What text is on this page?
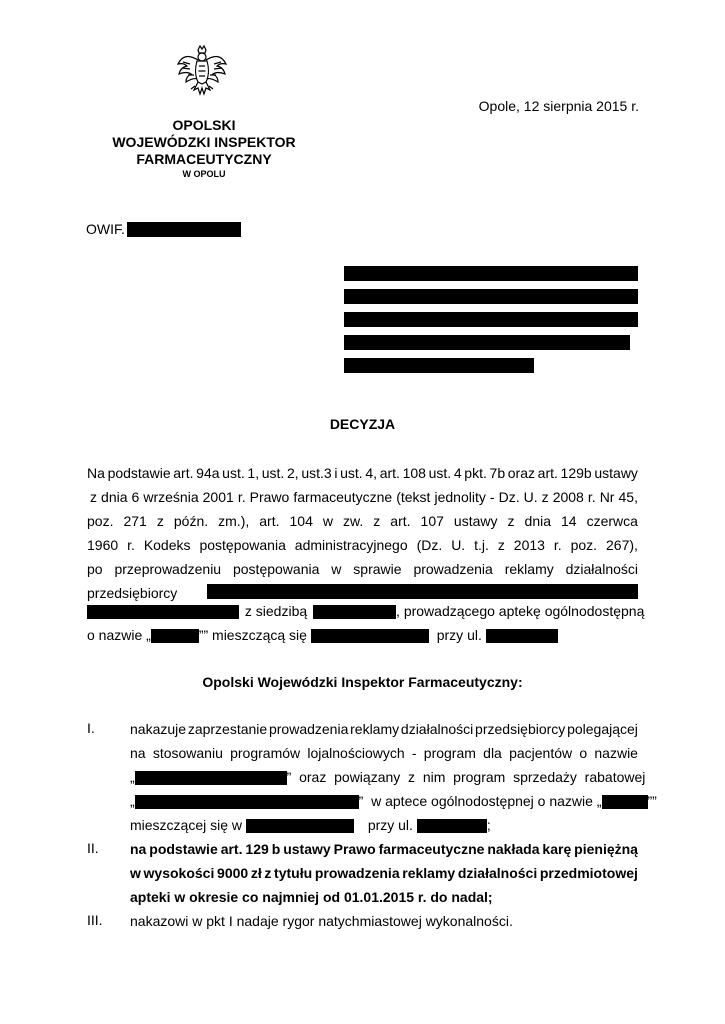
OPOLSKI
WOJEWÓDZKI INSPEKTOR
FARMACEUTYCZNY
W OPOLU
Opole, 12 sierpnia 2015 r.
OWIF.
DECYZJA
Na podstawie art. 94a ust. 1, ust. 2, ust.3 i ust. 4, art. 108 ust. 4 pkt. 7b oraz art. 129b ustawy
z dnia 6 września 2001 r. Prawo farmaceutyczne (tekst jednolity - Dz. U. z 2008 r. Nr 45,
poz. 271 z późn. zm.), art. 104 w zw. z art. 107 ustawy z dnia 14 czerwca
1960 r. Kodeks postępowania administracyjnego (Dz. U. t.j. z 2013 r. poz. 267),
po przeprowadzeniu postępowania w sprawie prowadzenia reklamy działalności
przedsiębiorcy
z siedzibą	, prowadzącego aptekę ogólnodostępną
o nazwie „	”” mieszczącą się	przy ul.
Opolski Wojewódzki Inspektor Farmaceutyczny:
I.	nakazuje zaprzestanie prowadzenia reklamy działalności przedsiębiorcy polegającej
na stosowaniu programów lojalnościowych - program dla pacjentów o nazwie
„	”  oraz  powiązany  z  nim  program  sprzedaży  rabatowej
„	”  w aptece ogólnodostępnej o nazwie „	””
mieszczącej się w	przy ul.	;
II. na podstawie art. 129 b ustawy Prawo farmaceutyczne nakłada karę pieniężną
w wysokości 9000 zł z tytułu prowadzenia reklamy działalności przedmiotowej
apteki w okresie co najmniej od 01.01.2015 r. do nadal;
III. nakazowi w pkt I nadaje rygor natychmiastowej wykonalności.
